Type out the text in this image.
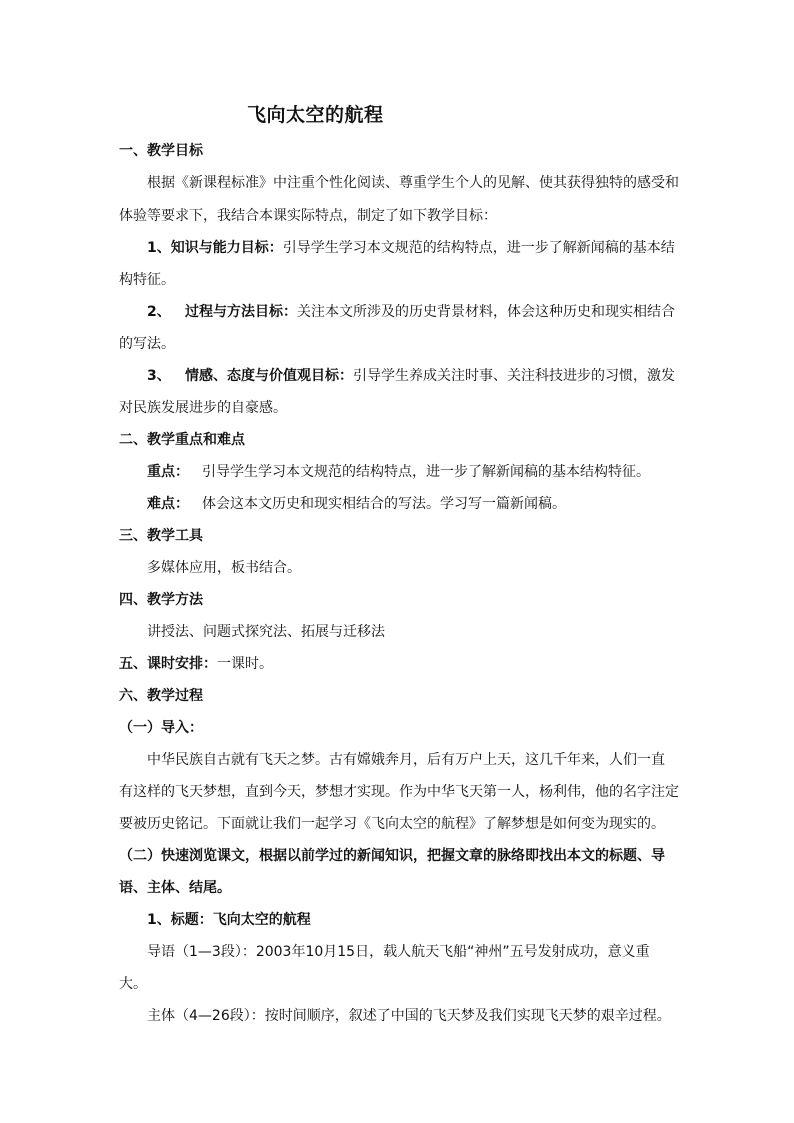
飞向太空的航程
一、教学目标
根据《新课程标准》中注重个性化阅读、尊重学生个人的见解、使其获得独特的感受和
体验等要求下，我结合本课实际特点，制定了如下教学目标：
1、知识与能力目标：引导学生学习本文规范的结构特点，进一步了解新闻稿的基本结
构特征。
2、 过程与方法目标：关注本文所涉及的历史背景材料，体会这种历史和现实相结合
的写法。
3、 情感、态度与价值观目标：引导学生养成关注时事、关注科技进步的习惯，激发
对民族发展进步的自豪感。
二、教学重点和难点
重点： 引导学生学习本文规范的结构特点，进一步了解新闻稿的基本结构特征。
难点： 体会这本文历史和现实相结合的写法。学习写一篇新闻稿。
三、教学工具
多媒体应用，板书结合。
四、教学方法
讲授法、问题式探究法、拓展与迁移法
五、课时安排：一课时。
六、教学过程
（一）导入：
中华民族自古就有飞天之梦。古有嫦娥奔月，后有万户上天，这几千年来，人们一直
有这样的飞天梦想，直到今天，梦想才实现。作为中华飞天第一人，杨利伟，他的名字注定
要被历史铭记。下面就让我们一起学习《飞向太空的航程》了解梦想是如何变为现实的。
（二）快速浏览课文，根据以前学过的新闻知识，把握文章的脉络即找出本文的标题、导
语、主体、结尾。
1、标题：飞向太空的航程
导语（1—3段）：2003年10月15日，载人航天飞船“神州”五号发射成功，意义重
大。
主体（4—26段）：按时间顺序，叙述了中国的飞天梦及我们实现飞天梦的艰辛过程。
